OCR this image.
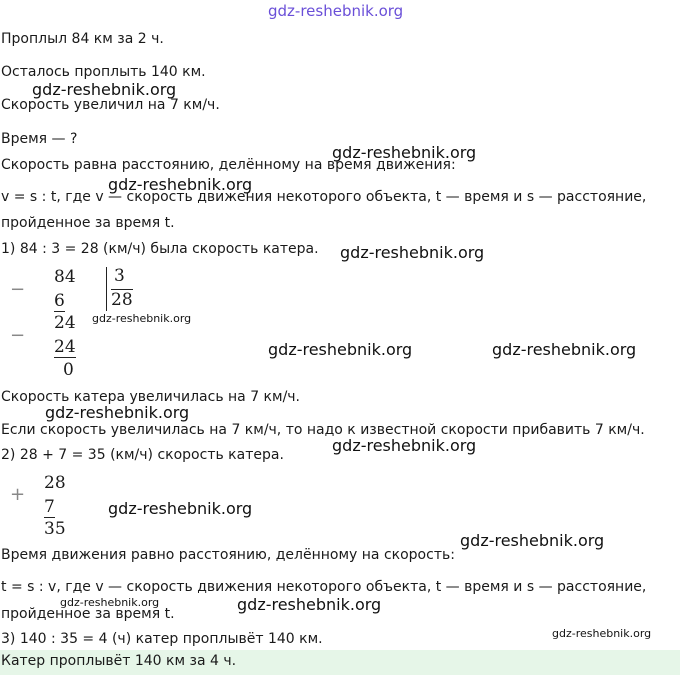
gdz-reshebnik.org
Проплыл 84 км за 2 ч.
Осталось проплыть 140 км.
gdz-reshebnik.org
Скорость увеличил на 7 км/ч.
Время — ?
gdz-reshebnik.org
Скорость равна расстоянию, делённому на время движения:
gdz-reshebnik.org
v = s : t, где v — скорость движения некоторого объекта, t — время и s — расстояние,
пройденное за время t.
1) 84 : 3 = 28 (км/ч) была скорость катера. gdz-reshebnik.org
−
84
6
24
−
24
0
3
28
gdz-reshebnik.org
gdz-reshebnik.org	gdz-reshebnik.org
Скорость катера увеличилась на 7 км/ч.
gdz-reshebnik.org
Если скорость увеличилась на 7 км/ч, то надо к известной скорости прибавить 7 км/ч.
gdz-reshebnik.org
2) 28 + 7 = 35 (км/ч) скорость катера.
+
28
7
35
gdz-reshebnik.org
gdz-reshebnik.org
Время движения равно расстоянию, делённому на скорость:
t = s : v, где v — скорость движения некоторого объекта, t — время и s — расстояние,
gdz-reshebnik.org	gdz-reshebnik.org
пройденное за время t.
3) 140 : 35 = 4 (ч) катер проплывёт 140 км.	gdz-reshebnik.org
Катер проплывёт 140 км за 4 ч.
